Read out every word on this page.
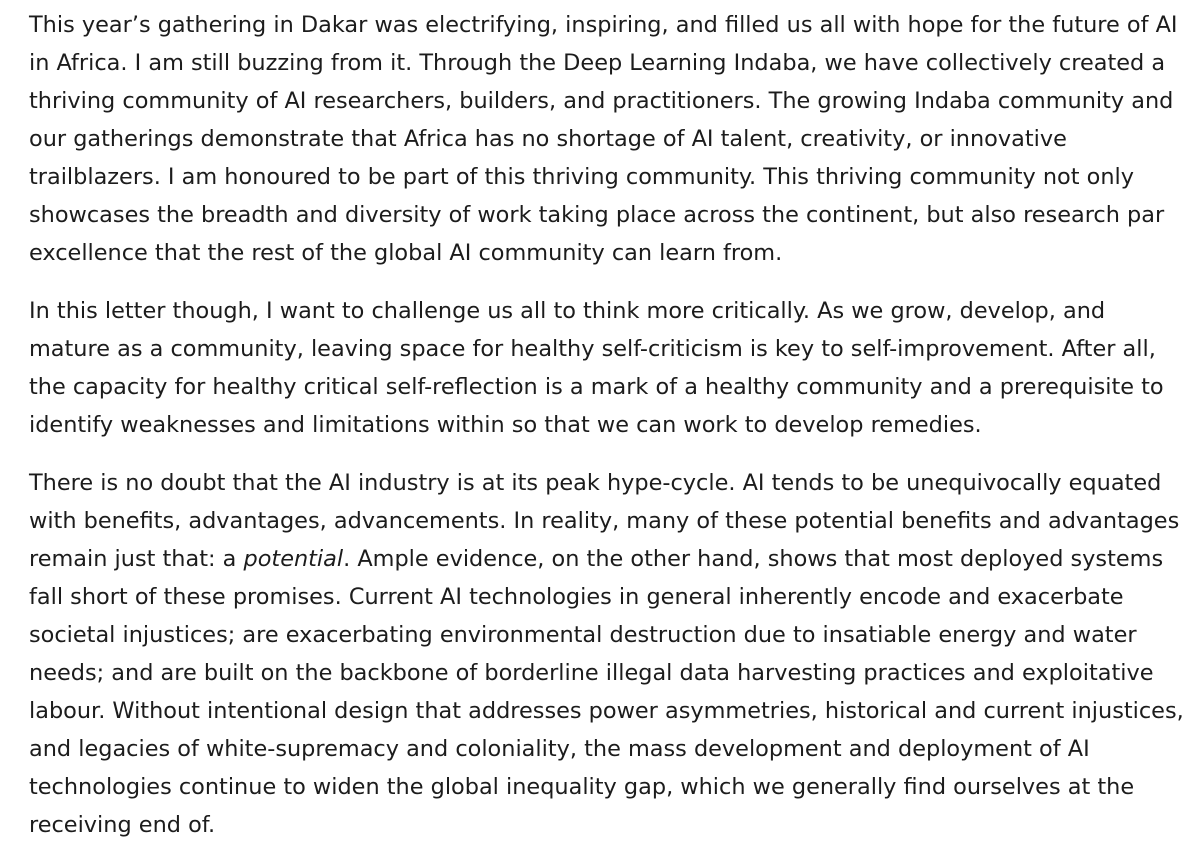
This year’s gathering in Dakar was electrifying, inspiring, and filled us all with hope for the future of AI in Africa. I am still buzzing from it. Through the Deep Learning Indaba, we have collectively created a thriving community of AI researchers, builders, and practitioners. The growing Indaba community and our gatherings demonstrate that Africa has no shortage of AI talent, creativity, or innovative trailblazers. I am honoured to be part of this thriving community. This thriving community not only showcases the breadth and diversity of work taking place across the continent, but also research par excellence that the rest of the global AI community can learn from.

In this letter though, I want to challenge us all to think more critically. As we grow, develop, and mature as a community, leaving space for healthy self-criticism is key to self-improvement. After all, the capacity for healthy critical self-reflection is a mark of a healthy community and a prerequisite to identify weaknesses and limitations within so that we can work to develop remedies.

There is no doubt that the AI industry is at its peak hype-cycle. AI tends to be unequivocally equated with benefits, advantages, advancements. In reality, many of these potential benefits and advantages remain just that: a potential. Ample evidence, on the other hand, shows that most deployed systems fall short of these promises. Current AI technologies in general inherently encode and exacerbate societal injustices; are exacerbating environmental destruction due to insatiable energy and water needs; and are built on the backbone of borderline illegal data harvesting practices and exploitative labour. Without intentional design that addresses power asymmetries, historical and current injustices, and legacies of white-supremacy and coloniality, the mass development and deployment of AI technologies continue to widen the global inequality gap, which we generally find ourselves at the receiving end of.
